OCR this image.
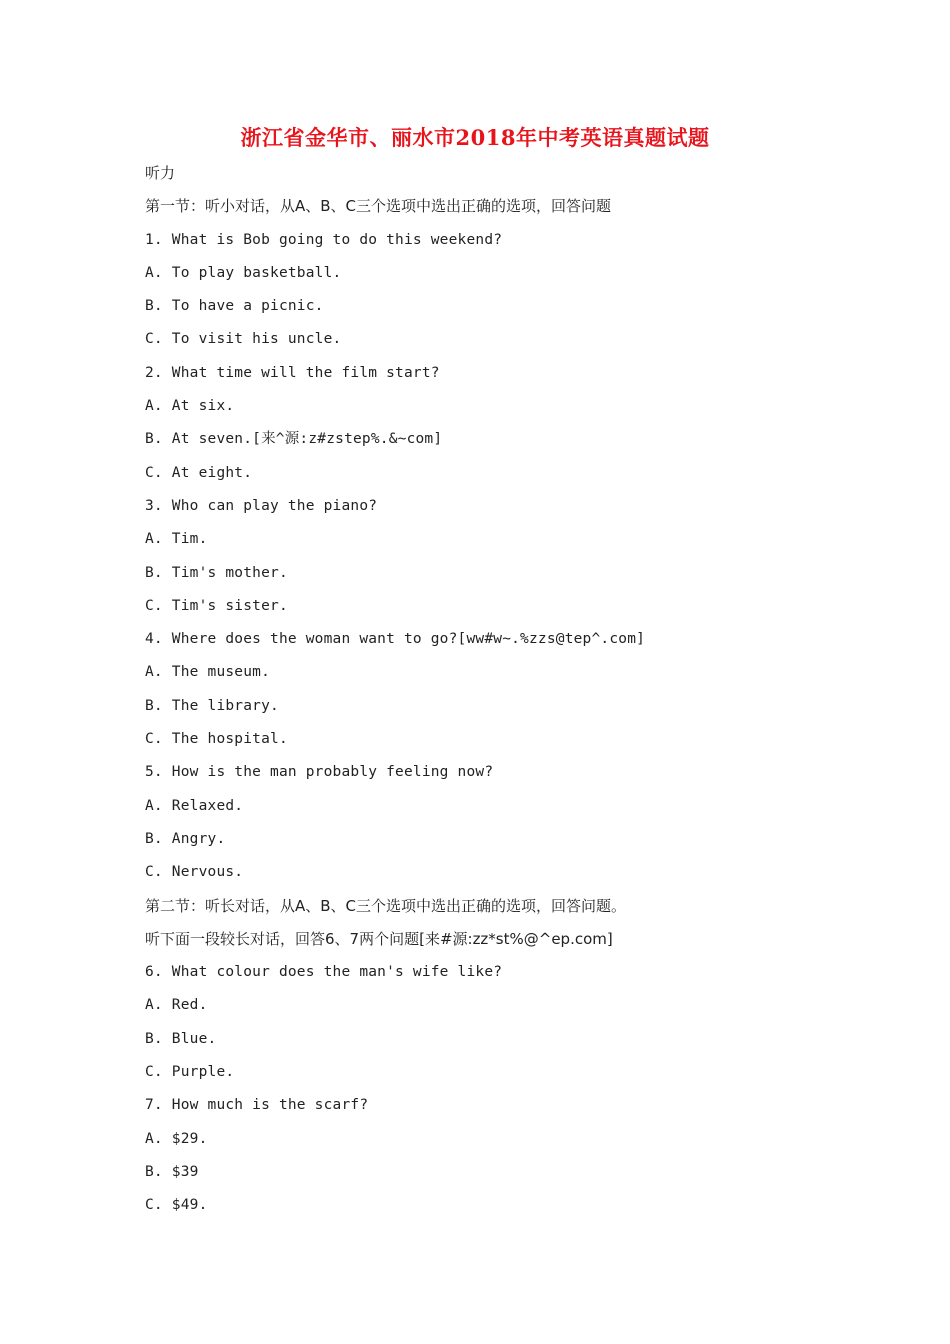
浙江省金华市、丽水市2018年中考英语真题试题
听力
第一节：听小对话，从A、B、C三个选项中选出正确的选项，回答问题
1. What is Bob going to do this weekend?
A. To play basketball.
B. To have a picnic.
C. To visit his uncle.
2. What time will the film start?
A. At six.
B. At seven.[来^源:z#zstep%.&~com]
C. At eight.
3. Who can play the piano?
A. Tim.
B. Tim's mother.
C. Tim's sister.
4. Where does the woman want to go?[ww#w~.%zzs@tep^.com]
A. The museum.
B. The library.
C. The hospital.
5. How is the man probably feeling now?
A. Relaxed.
B. Angry.
C. Nervous.
第二节：听长对话，从A、B、C三个选项中选出正确的选项，回答问题。
听下面一段较长对话，回答6、7两个问题[来#源:zz*st%@^ep.com]
6. What colour does the man's wife like?
A. Red.
B. Blue.
C. Purple.
7. How much is the scarf?
A. $29.
B. $39
C. $49.
